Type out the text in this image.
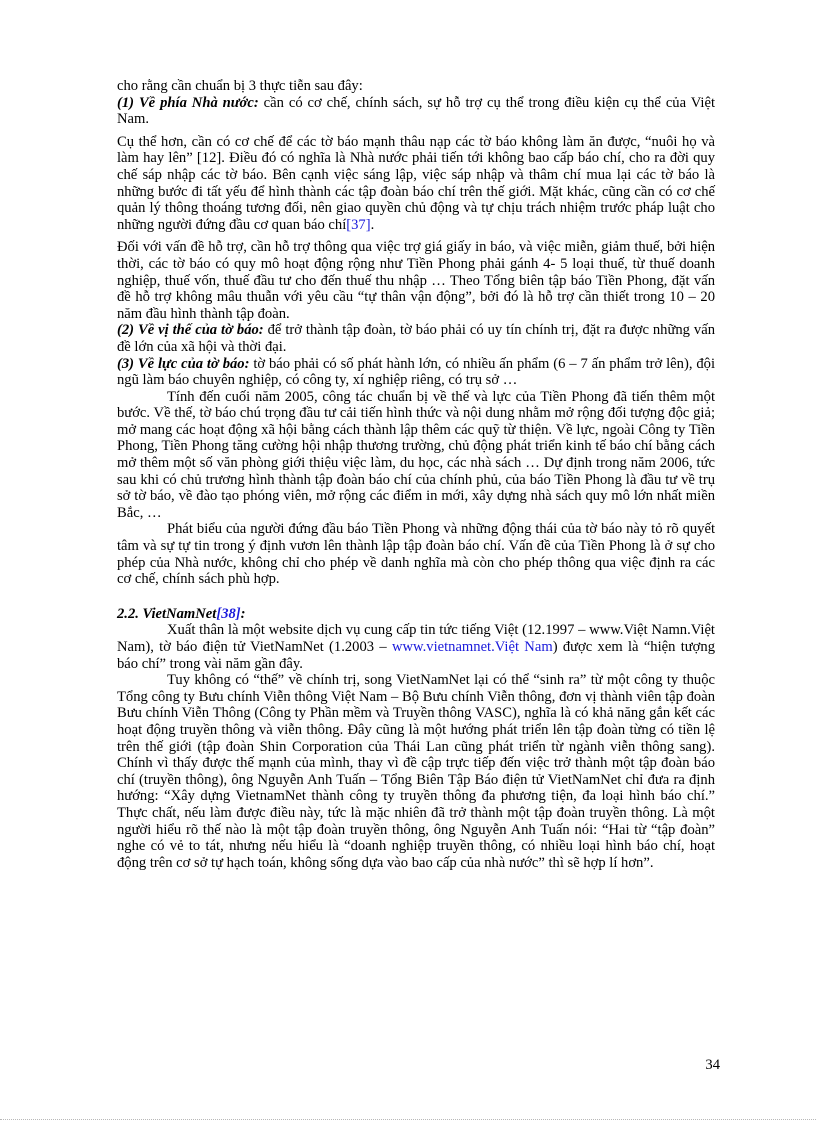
cho rằng cần chuẩn bị 3 thực tiễn sau đây:

(1) Về phía Nhà nước: cần có cơ chế, chính sách, sự hỗ trợ cụ thể trong điều kiện cụ thể của Việt Nam.

Cụ thể hơn, cần có cơ chế để các tờ báo mạnh thâu nạp các tờ báo không làm ăn được, “nuôi họ và làm hay lên” [12]. Điều đó có nghĩa là Nhà nước phải tiến tới không bao cấp báo chí, cho ra đời quy chế sáp nhập các tờ báo. Bên cạnh việc sáng lập, việc sáp nhập và thâm chí mua lại các tờ báo là những bước đi tất yếu để hình thành các tập đoàn báo chí trên thế giới. Mặt khác, cũng cần có cơ chế quản lý thông thoáng tương đối, nên giao quyền chủ động và tự chịu trách nhiệm trước pháp luật cho những người đứng đầu cơ quan báo chí[37].

Đối với vấn đề hỗ trợ, cần hỗ trợ thông qua việc trợ giá giấy in báo, và việc miễn, giảm thuế, bởi hiện thời, các tờ báo có quy mô hoạt động rộng như Tiền Phong phải gánh 4- 5 loại thuế, từ thuế doanh nghiệp, thuế vốn, thuế đầu tư cho đến thuế thu nhập … Theo Tổng biên tập báo Tiền Phong, đặt vấn đề hỗ trợ không mâu thuẫn với yêu cầu “tự thân vận động”, bởi đó là hỗ trợ cần thiết trong 10 – 20 năm đầu hình thành tập đoàn.

(2) Về vị thế của tờ báo: để trở thành tập đoàn, tờ báo phải có uy tín chính trị, đặt ra được những vấn đề lớn của xã hội và thời đại.

(3) Về lực của tờ báo: tờ báo phải có số phát hành lớn, có nhiều ấn phẩm (6 – 7 ấn phẩm trở lên), đội ngũ làm báo chuyên nghiệp, có công ty, xí nghiệp riêng, có trụ sở …

Tính đến cuối năm 2005, công tác chuẩn bị về thế và lực của Tiền Phong đã tiến thêm một bước. Về thế, tờ báo chú trọng đầu tư cải tiến hình thức và nội dung nhằm mở rộng đối tượng độc giả; mở mang các hoạt động xã hội bằng cách thành lập thêm các quỹ từ thiện. Về lực, ngoài Công ty Tiền Phong, Tiền Phong tăng cường hội nhập thương trường, chủ động phát triển kinh tế báo chí bằng cách mở thêm một số văn phòng giới thiệu việc làm, du học, các nhà sách … Dự định trong năm 2006, tức sau khi có chủ trương hình thành tập đoàn báo chí của chính phủ, của báo Tiền Phong là đầu tư về trụ sở tờ báo, về đào tạo phóng viên, mở rộng các điểm in mới, xây dựng nhà sách quy mô lớn nhất miền Bắc, …

Phát biểu của người đứng đầu báo Tiền Phong và những động thái của tờ báo này tỏ rõ quyết tâm và sự tự tin trong ý định vươn lên thành lập tập đoàn báo chí. Vấn đề của Tiền Phong là ở sự cho phép của Nhà nước, không chỉ cho phép về danh nghĩa mà còn cho phép thông qua việc định ra các cơ chế, chính sách phù hợp.

2.2. VietNamNet[38]:

Xuất thân là một website dịch vụ cung cấp tin tức tiếng Việt (12.1997 – www.Việt Namn.Việt Nam), tờ báo điện tử VietNamNet (1.2003 – www.vietnamnet.Việt Nam) được xem là “hiện tượng báo chí” trong vài năm gần đây.

Tuy không có “thế” về chính trị, song VietNamNet lại có thể “sinh ra” từ một công ty thuộc Tổng công ty Bưu chính Viễn thông Việt Nam – Bộ Bưu chính Viễn thông, đơn vị thành viên tập đoàn Bưu chính Viễn Thông (Công ty Phần mềm và Truyền thông VASC), nghĩa là có khả năng gắn kết các hoạt động truyền thông và viễn thông. Đây cũng là một hướng phát triển lên tập đoàn từng có tiền lệ trên thế giới (tập đoàn Shin Corporation của Thái Lan cũng phát triển từ ngành viễn thông sang). Chính vì thấy được thế mạnh của mình, thay vì đề cập trực tiếp đến việc trở thành một tập đoàn báo chí (truyền thông), ông Nguyễn Anh Tuấn – Tổng Biên Tập Báo điện tử VietNamNet chỉ đưa ra định hướng: “Xây dựng VietnamNet thành công ty truyền thông đa phương tiện, đa loại hình báo chí.” Thực chất, nếu làm được điều này, tức là mặc nhiên đã trở thành một tập đoàn truyền thông. Là một người hiểu rõ thế nào là một tập đoàn truyền thông, ông Nguyễn Anh Tuấn nói: “Hai từ “tập đoàn” nghe có vẻ to tát, nhưng nếu hiểu là “doanh nghiệp truyền thông, có nhiều loại hình báo chí, hoạt động trên cơ sở tự hạch toán, không sống dựa vào bao cấp của nhà nước” thì sẽ hợp lí hơn”.

34
